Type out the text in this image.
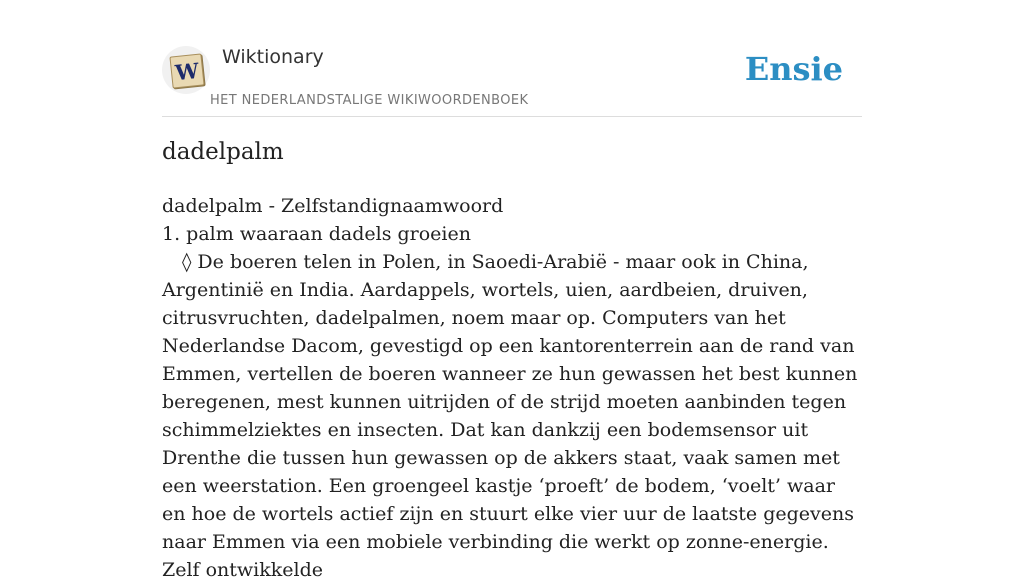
W
Wiktionary
HET NEDERLANDSTALIGE WIKIWOORDENBOEK
Ensie
dadelpalm

dadelpalm - Zelfstandignaamwoord

1. palm waaraan dadels groeien

◊ De boeren telen in Polen, in Saoedi-Arabië - maar ook in China, Argentinië en India. Aardappels, wortels, uien, aardbeien, druiven, citrusvruchten, dadelpalmen, noem maar op. Computers van het Nederlandse Dacom, gevestigd op een kantorenterrein aan de rand van Emmen, vertellen de boeren wanneer ze hun gewassen het best kunnen beregenen, mest kunnen uitrijden of de strijd moeten aanbinden tegen schimmelziektes en insecten. Dat kan dankzij een bodemsensor uit Drenthe die tussen hun gewassen op de akkers staat, vaak samen met een weerstation. Een groengeel kastje ‘proeft’ de bodem, ‘voelt’ waar en hoe de wortels actief zijn en stuurt elke vier uur de laatste gegevens naar Emmen via een mobiele verbinding die werkt op zonne-energie. Zelf ontwikkelde
